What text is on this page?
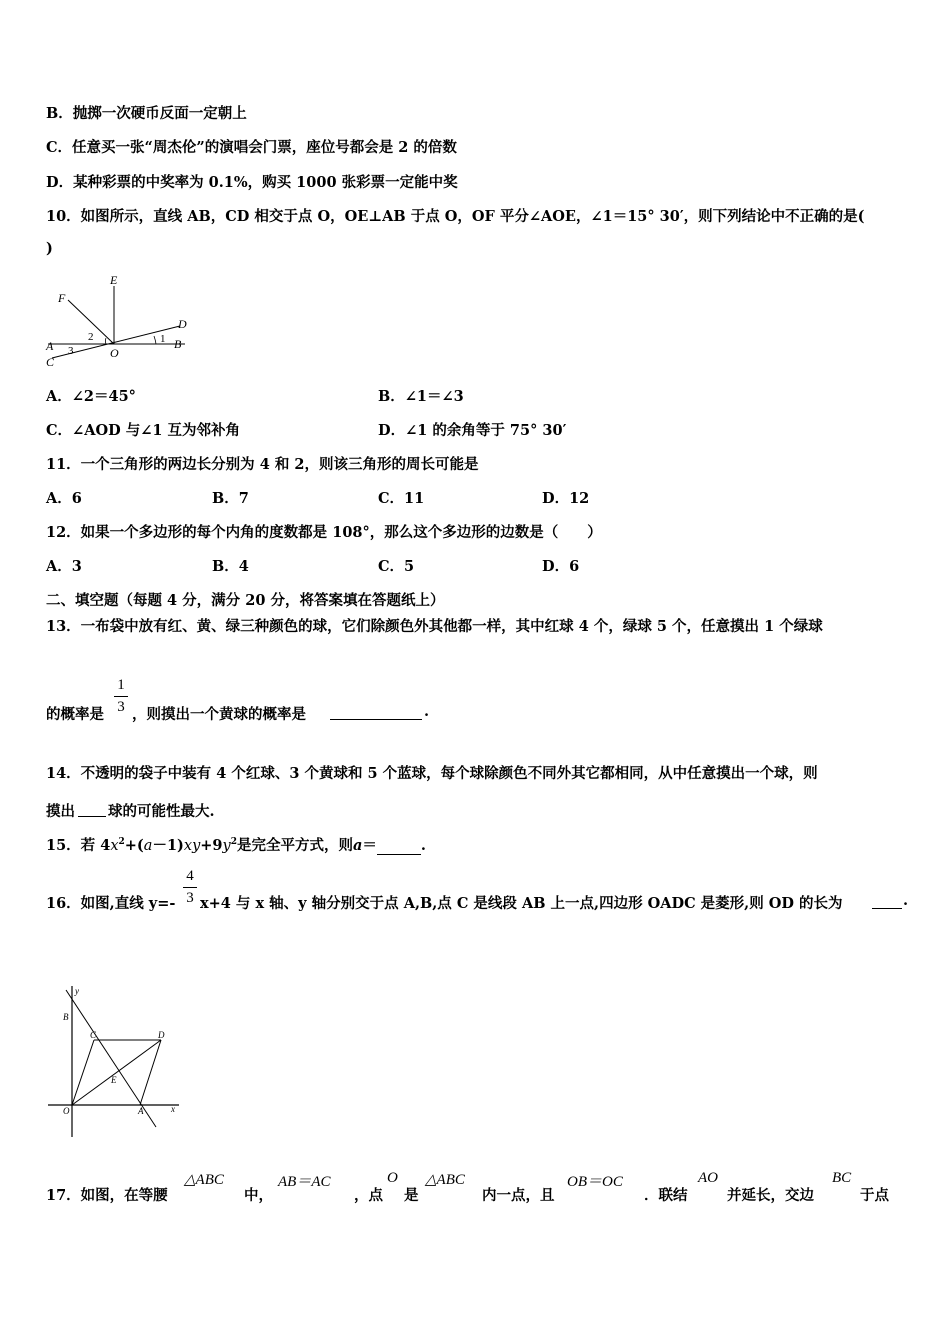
B．抛掷一次硬币反面一定朝上
C．任意买一张“周杰伦”的演唱会门票，座位号都会是 2 的倍数
D．某种彩票的中奖率为 0.1%，购买 1000 张彩票一定能中奖
10．如图所示，直线 AB，CD 相交于点 O，OE⊥AB 于点 O，OF 平分∠AOE，∠1＝15° 30′，则下列结论中不正确的是(
)
E
F
D
B
A
C
O
1
2
3
A．∠2＝45°	B．∠1＝∠3
C．∠AOD 与∠1 互为邻补角	D．∠1 的余角等于 75° 30′
11．一个三角形的两边长分别为 4 和 2，则该三角形的周长可能是
A．6	B．7	C．11	D．12
12．如果一个多边形的每个内角的度数都是 108°，那么这个多边形的边数是（　　）
A．3	B．4	C．5	D．6
二、填空题（每题 4 分，满分 20 分，将答案填在答题纸上）
13．一布袋中放有红、黄、绿三种颜色的球，它们除颜色外其他都一样，其中红球 4 个，绿球 5 个，任意摸出 1 个绿球
1
3
的概率是 ，则摸出一个黄球的概率是	.
14．不透明的袋子中装有 4 个红球、3 个黄球和 5 个蓝球，每个球除颜色不同外其它都相同，从中任意摸出一个球，则
摸出 球的可能性最大.
15．若 $4x^2+(a-1)xy+9y^2$是完全平方式，则a＝	.
16．如图,直线 y=-
4
3 x+4 与 x 轴、y 轴分别交于点 A,B,点 C 是线段 AB 上一点,四边形 OADC 是菱形,则 OD 的长为	.
y
x
B
C	D
E
O	A
17．如图，在等腰
△ABC
中，
AB＝AC
，点
O
是
△ABC
内一点，且
OB＝OC
．联结
AO
并延长，交边
BC
于点
